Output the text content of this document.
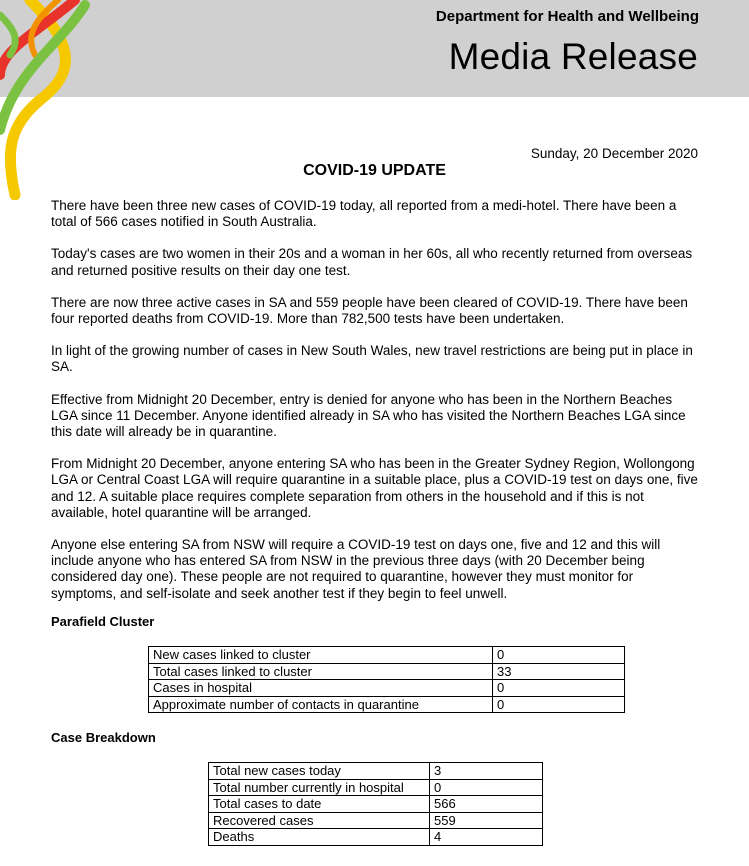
Department for Health and Wellbeing
Media Release
Sunday, 20 December 2020
COVID-19 UPDATE

There have been three new cases of COVID-19 today, all reported from a medi-hotel. There have been a total of 566 cases notified in South Australia.

Today's cases are two women in their 20s and a woman in her 60s, all who recently returned from overseas and returned positive results on their day one test.

There are now three active cases in SA and 559 people have been cleared of COVID-19. There have been four reported deaths from COVID-19. More than 782,500 tests have been undertaken.

In light of the growing number of cases in New South Wales, new travel restrictions are being put in place in SA.

Effective from Midnight 20 December, entry is denied for anyone who has been in the Northern Beaches LGA since 11 December. Anyone identified already in SA who has visited the Northern Beaches LGA since this date will already be in quarantine.

From Midnight 20 December, anyone entering SA who has been in the Greater Sydney Region, Wollongong LGA or Central Coast LGA will require quarantine in a suitable place, plus a COVID-19 test on days one, five and 12. A suitable place requires complete separation from others in the household and if this is not available, hotel quarantine will be arranged.

Anyone else entering SA from NSW will require a COVID-19 test on days one, five and 12 and this will include anyone who has entered SA from NSW in the previous three days (with 20 December being considered day one). These people are not required to quarantine, however they must monitor for symptoms, and self-isolate and seek another test if they begin to feel unwell.

Parafield Cluster
New cases linked to cluster	0
Total cases linked to cluster	33
Cases in hospital	0
Approximate number of contacts in quarantine	0
Case Breakdown
Total new cases today	3
Total number currently in hospital	0
Total cases to date	566
Recovered cases	559
Deaths	4
